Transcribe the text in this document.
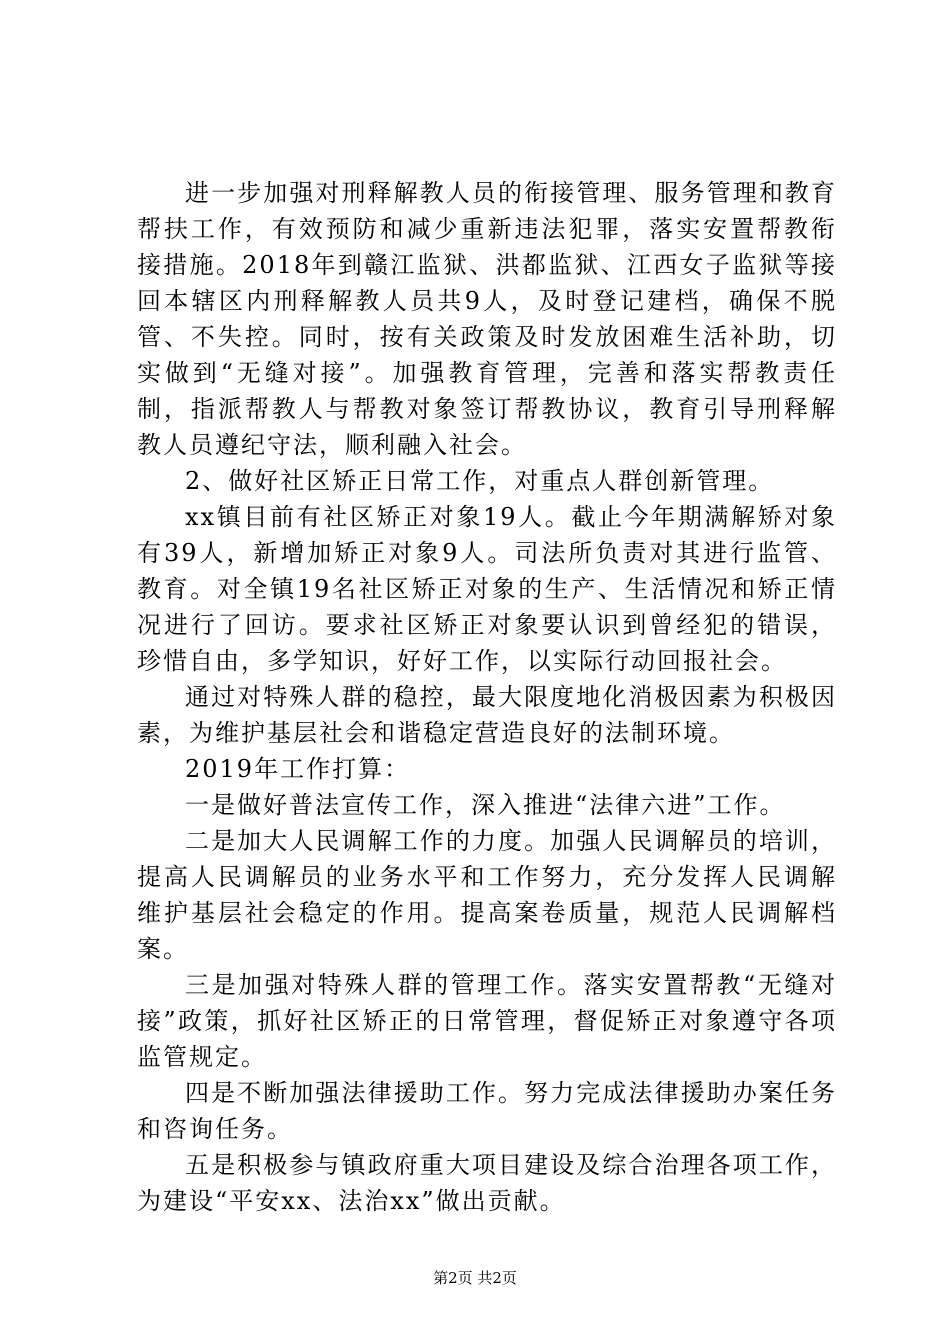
进一步加强对刑释解教人员的衔接管理、服务管理和教育帮扶工作，有效预防和减少重新违法犯罪，落实安置帮教衔接措施。2018年到赣江监狱、洪都监狱、江西女子监狱等接回本辖区内刑释解教人员共9人，及时登记建档，确保不脱管、不失控。同时，按有关政策及时发放困难生活补助，切实做到“无缝对接”。加强教育管理，完善和落实帮教责任制，指派帮教人与帮教对象签订帮教协议，教育引导刑释解教人员遵纪守法，顺利融入社会。

2、做好社区矫正日常工作，对重点人群创新管理。

xx镇目前有社区矫正对象19人。截止今年期满解矫对象有39人，新增加矫正对象9人。司法所负责对其进行监管、教育。对全镇19名社区矫正对象的生产、生活情况和矫正情况进行了回访。要求社区矫正对象要认识到曾经犯的错误，珍惜自由，多学知识，好好工作，以实际行动回报社会。

通过对特殊人群的稳控，最大限度地化消极因素为积极因素，为维护基层社会和谐稳定营造良好的法制环境。

2019年工作打算：

一是做好普法宣传工作，深入推进“法律六进”工作。

二是加大人民调解工作的力度。加强人民调解员的培训，提高人民调解员的业务水平和工作努力，充分发挥人民调解维护基层社会稳定的作用。提高案卷质量，规范人民调解档案。

三是加强对特殊人群的管理工作。落实安置帮教“无缝对接”政策，抓好社区矫正的日常管理，督促矫正对象遵守各项监管规定。

四是不断加强法律援助工作。努力完成法律援助办案任务和咨询任务。

五是积极参与镇政府重大项目建设及综合治理各项工作，为建设“平安xx、法治xx”做出贡献。

第2页 共2页
